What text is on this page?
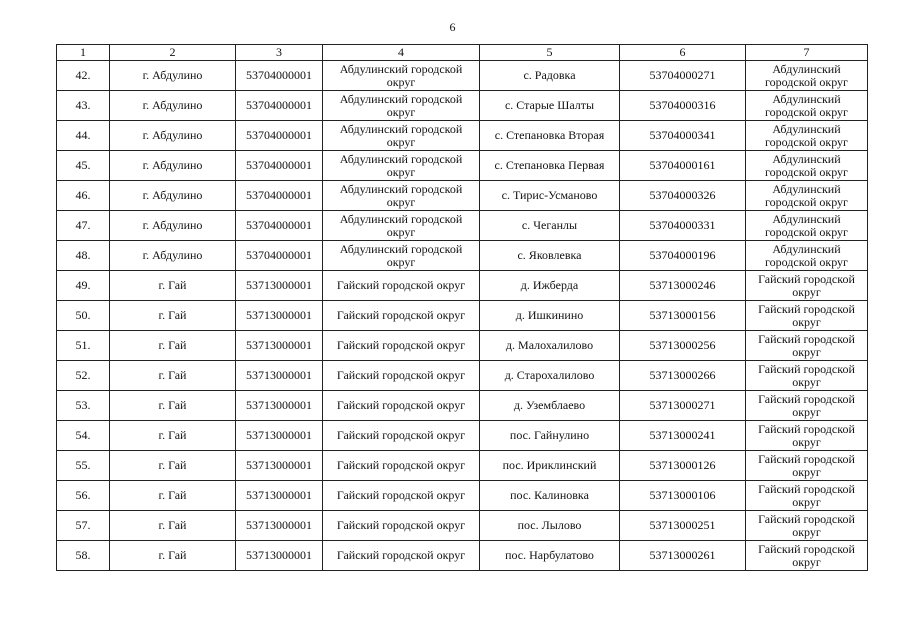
6
1	2	3	4	5	6	7
42.	г. Абдулино	53704000001	Абдулинский городской округ	с. Радовка	53704000271	Абдулинский городской округ
43.	г. Абдулино	53704000001	Абдулинский городской округ	с. Старые Шалты	53704000316	Абдулинский городской округ
44.	г. Абдулино	53704000001	Абдулинский городской округ	с. Степановка Вторая	53704000341	Абдулинский городской округ
45.	г. Абдулино	53704000001	Абдулинский городской округ	с. Степановка Первая	53704000161	Абдулинский городской округ
46.	г. Абдулино	53704000001	Абдулинский городской округ	с. Тирис-Усманово	53704000326	Абдулинский городской округ
47.	г. Абдулино	53704000001	Абдулинский городской округ	с. Чеганлы	53704000331	Абдулинский городской округ
48.	г. Абдулино	53704000001	Абдулинский городской округ	с. Яковлевка	53704000196	Абдулинский городской округ
49.	г. Гай	53713000001	Гайский городской округ	д. Ижберда	53713000246	Гайский городской округ
50.	г. Гай	53713000001	Гайский городской округ	д. Ишкинино	53713000156	Гайский городской округ
51.	г. Гай	53713000001	Гайский городской округ	д. Малохалилово	53713000256	Гайский городской округ
52.	г. Гай	53713000001	Гайский городской округ	д. Старохалилово	53713000266	Гайский городской округ
53.	г. Гай	53713000001	Гайский городской округ	д. Уземблаево	53713000271	Гайский городской округ
54.	г. Гай	53713000001	Гайский городской округ	пос. Гайнулино	53713000241	Гайский городской округ
55.	г. Гай	53713000001	Гайский городской округ	пос. Ириклинский	53713000126	Гайский городской округ
56.	г. Гай	53713000001	Гайский городской округ	пос. Калиновка	53713000106	Гайский городской округ
57.	г. Гай	53713000001	Гайский городской округ	пос. Лылово	53713000251	Гайский городской округ
58.	г. Гай	53713000001	Гайский городской округ	пос. Нарбулатово	53713000261	Гайский городской округ
